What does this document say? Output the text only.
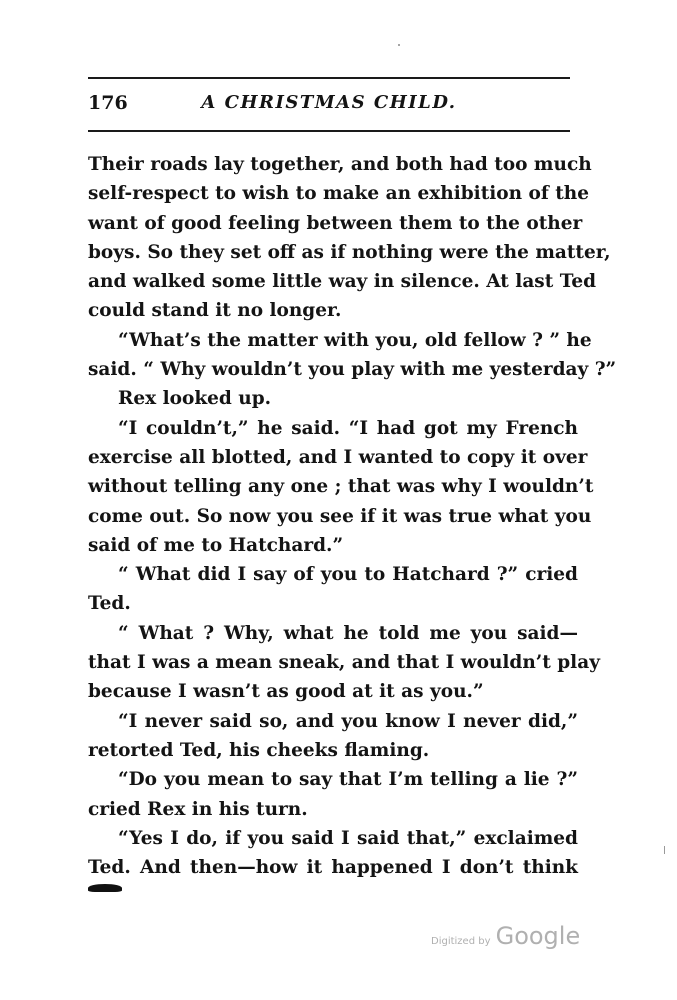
176	A CHRISTMAS CHILD.
Their roads lay together, and both had too much
self-respect to wish to make an exhibition of the
want of good feeling between them to the other
boys. So they set off as if nothing were the matter,
and walked some little way in silence. At last Ted
could stand it no longer.
“What’s the matter with you, old fellow ? ” he
said. “ Why wouldn’t you play with me yesterday ?”
Rex looked up.
“I couldn’t,” he said. “I had got my French
exercise all blotted, and I wanted to copy it over
without telling any one ; that was why I wouldn’t
come out. So now you see if it was true what you
said of me to Hatchard.”
“ What did I say of you to Hatchard ?” cried
Ted.
“ What ? Why, what he told me you said—
that I was a mean sneak, and that I wouldn’t play
because I wasn’t as good at it as you.”
“I never said so, and you know I never did,”
retorted Ted, his cheeks flaming.
“Do you mean to say that I’m telling a lie ?”
cried Rex in his turn.
“Yes I do, if you said I said that,” exclaimed
Ted. And then—how it happened I don’t think
Digitized by Google
